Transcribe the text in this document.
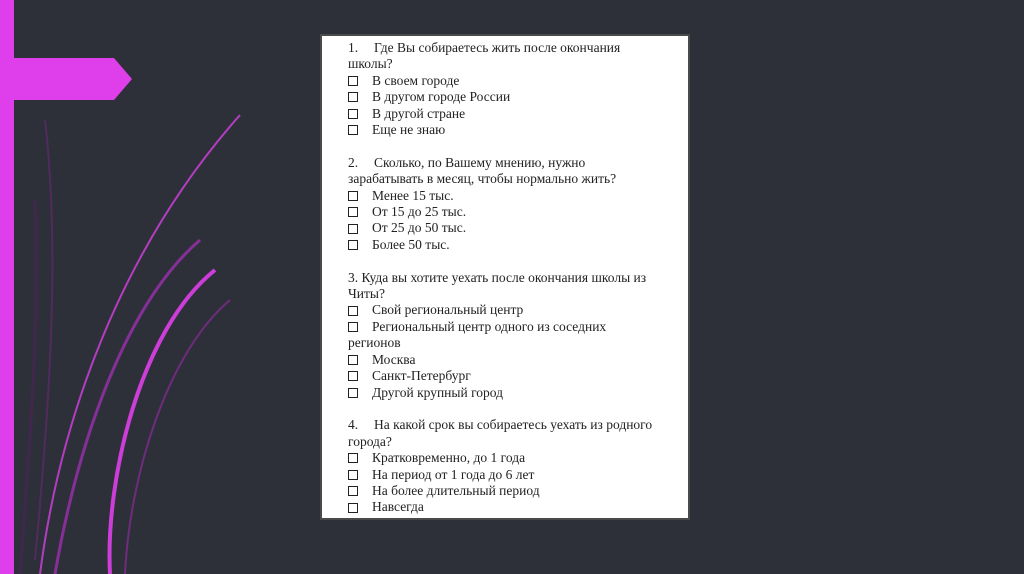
1. Где Вы собираетесь жить после окончания

школы?

В своем городе

В другом городе России

В другой стране

Еще не знаю

2. Сколько, по Вашему мнению, нужно

зарабатывать в месяц, чтобы нормально жить?

Менее 15 тыс.

От 15 до 25 тыс.

От 25 до 50 тыс.

Более 50 тыс.

3. Куда вы хотите уехать после окончания школы из

Читы?

Свой региональный центр

Региональный центр одного из соседних

регионов

Москва

Санкт-Петербург

Другой крупный город

4. На какой срок вы собираетесь уехать из родного

города?

Кратковременно, до 1 года

На период от 1 года до 6 лет

На более длительный период

Навсегда
